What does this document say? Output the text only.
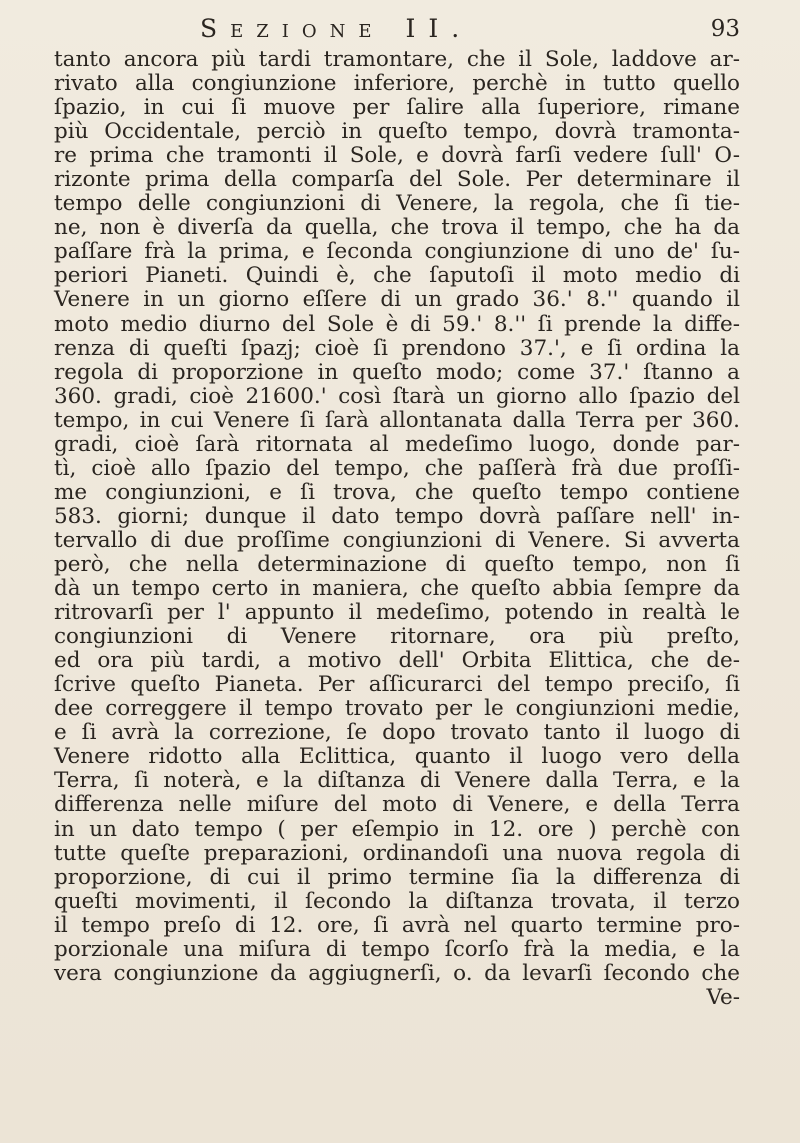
Sezione II.	93
tanto ancora più tardi tramontare, che il Sole, laddove ar-
rivato alla congiunzione inferiore, perchè in tutto quello
ſpazio, in cui ſi muove per ſalire alla ſuperiore, rimane
più Occidentale, perciò in queſto tempo, dovrà tramonta-
re prima che tramonti il Sole, e dovrà farſi vedere ſull' O-
rizonte prima della comparſa del Sole. Per determinare il
tempo delle congiunzioni di Venere, la regola, che ſi tie-
ne, non è diverſa da quella, che trova il tempo, che ha da
paſſare frà la prima, e ſeconda congiunzione di uno de' ſu-
periori Pianeti. Quindi è, che ſaputoſi il moto medio di
Venere in un giorno eſſere di un grado 36.' 8.'' quando il
moto medio diurno del Sole è di 59.' 8.'' ſi prende la diffe-
renza di queſti ſpazj; cioè ſi prendono 37.', e ſi ordina la
regola di proporzione in queſto modo; come 37.' ſtanno a
360. gradi, cioè 21600.' così ſtarà un giorno allo ſpazio del
tempo, in cui Venere ſi ſarà allontanata dalla Terra per 360.
gradi, cioè ſarà ritornata al medeſimo luogo, donde par-
tì, cioè allo ſpazio del tempo, che paſſerà frà due proſſi-
me congiunzioni, e ſi trova, che queſto tempo contiene
583. giorni; dunque il dato tempo dovrà paſſare nell' in-
tervallo di due proſſime congiunzioni di Venere. Si avverta
però, che nella determinazione di queſto tempo, non ſi
dà un tempo certo in maniera, che queſto abbia ſempre da
ritrovarſi per l' appunto il medeſimo, potendo in realtà le
congiunzioni di Venere ritornare, ora più preſto,
ed ora più tardi, a motivo dell' Orbita Elittica, che de-
ſcrive queſto Pianeta. Per aſſicurarci del tempo preciſo, ſi
dee correggere il tempo trovato per le congiunzioni medie,
e ſi avrà la correzione, ſe dopo trovato tanto il luogo di
Venere ridotto alla Eclittica, quanto il luogo vero della
Terra, ſi noterà, e la diſtanza di Venere dalla Terra, e la
differenza nelle miſure del moto di Venere, e della Terra
in un dato tempo ( per eſempio in 12. ore ) perchè con
tutte queſte preparazioni, ordinandoſi una nuova regola di
proporzione, di cui il primo termine ſia la differenza di
queſti movimenti, il ſecondo la diſtanza trovata, il terzo
il tempo preſo di 12. ore, ſi avrà nel quarto termine pro-
porzionale una miſura di tempo ſcorſo frà la media, e la
vera congiunzione da aggiugnerſi, o. da levarſi ſecondo che
Ve-
